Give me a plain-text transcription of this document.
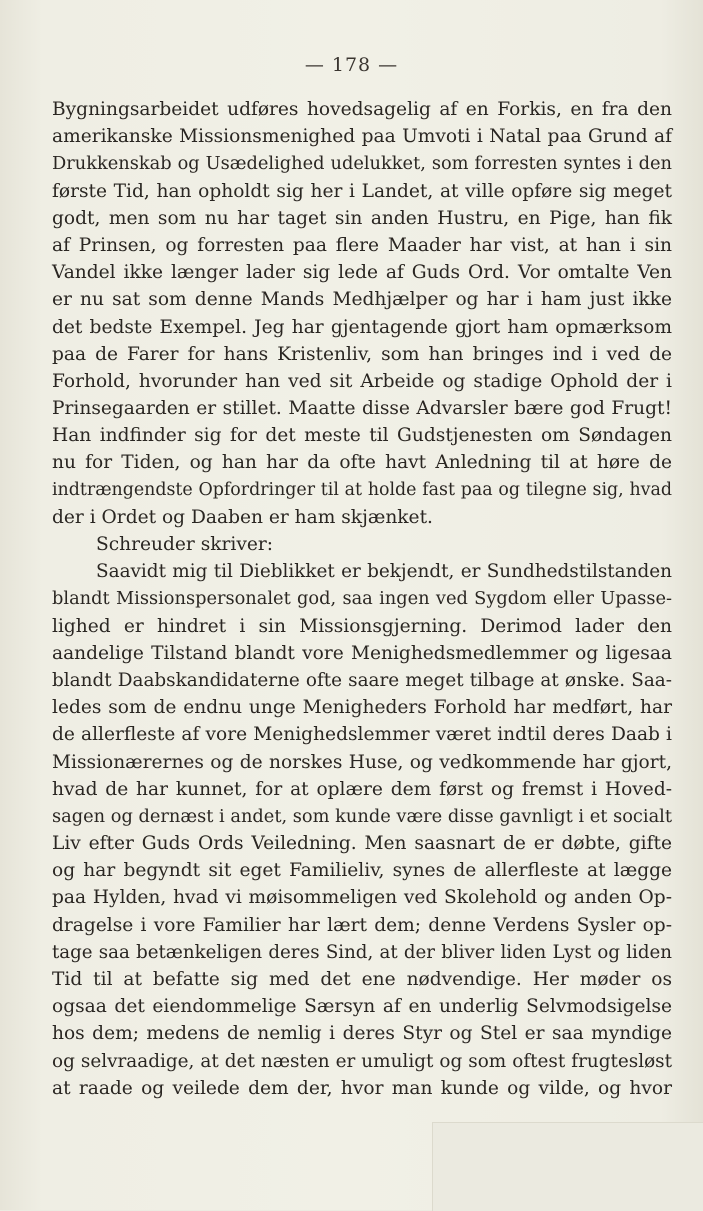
— 178 —
Bygningsarbeidet udføres hovedsagelig af en Forkis, en fra den
amerikanske Missionsmenighed paa Umvoti i Natal paa Grund af
Drukkenskab og Usædelighed udelukket, som forresten syntes i den
første Tid, han opholdt sig her i Landet, at ville opføre sig meget
godt, men som nu har taget sin anden Hustru, en Pige, han fik
af Prinsen, og forresten paa flere Maader har vist, at han i sin
Vandel ikke længer lader sig lede af Guds Ord. Vor omtalte Ven
er nu sat som denne Mands Medhjælper og har i ham just ikke
det bedste Exempel. Jeg har gjentagende gjort ham opmærksom
paa de Farer for hans Kristenliv, som han bringes ind i ved de
Forhold, hvorunder han ved sit Arbeide og stadige Ophold der i
Prinsegaarden er stillet. Maatte disse Advarsler bære god Frugt!
Han indfinder sig for det meste til Gudstjenesten om Søndagen
nu for Tiden, og han har da ofte havt Anledning til at høre de
indtrængendste Opfordringer til at holde fast paa og tilegne sig, hvad
der i Ordet og Daaben er ham skjænket.
Schreuder skriver:
Saavidt mig til Dieblikket er bekjendt, er Sundhedstilstanden
blandt Missionspersonalet god, saa ingen ved Sygdom eller Upasse-
lighed er hindret i sin Missionsgjerning. Derimod lader den
aandelige Tilstand blandt vore Menighedsmedlemmer og ligesaa
blandt Daabskandidaterne ofte saare meget tilbage at ønske. Saa-
ledes som de endnu unge Menigheders Forhold har medført, har
de allerfleste af vore Menighedslemmer været indtil deres Daab i
Missionærernes og de norskes Huse, og vedkommende har gjort,
hvad de har kunnet, for at oplære dem først og fremst i Hoved-
sagen og dernæst i andet, som kunde være disse gavnligt i et socialt
Liv efter Guds Ords Veiledning. Men saasnart de er døbte, gifte
og har begyndt sit eget Familieliv, synes de allerfleste at lægge
paa Hylden, hvad vi møisommeligen ved Skolehold og anden Op-
dragelse i vore Familier har lært dem; denne Verdens Sysler op-
tage saa betænkeligen deres Sind, at der bliver liden Lyst og liden
Tid til at befatte sig med det ene nødvendige. Her møder os
ogsaa det eiendommelige Særsyn af en underlig Selvmodsigelse
hos dem; medens de nemlig i deres Styr og Stel er saa myndige
og selvraadige, at det næsten er umuligt og som oftest frugtesløst
at raade og veilede dem der, hvor man kunde og vilde, og hvor
